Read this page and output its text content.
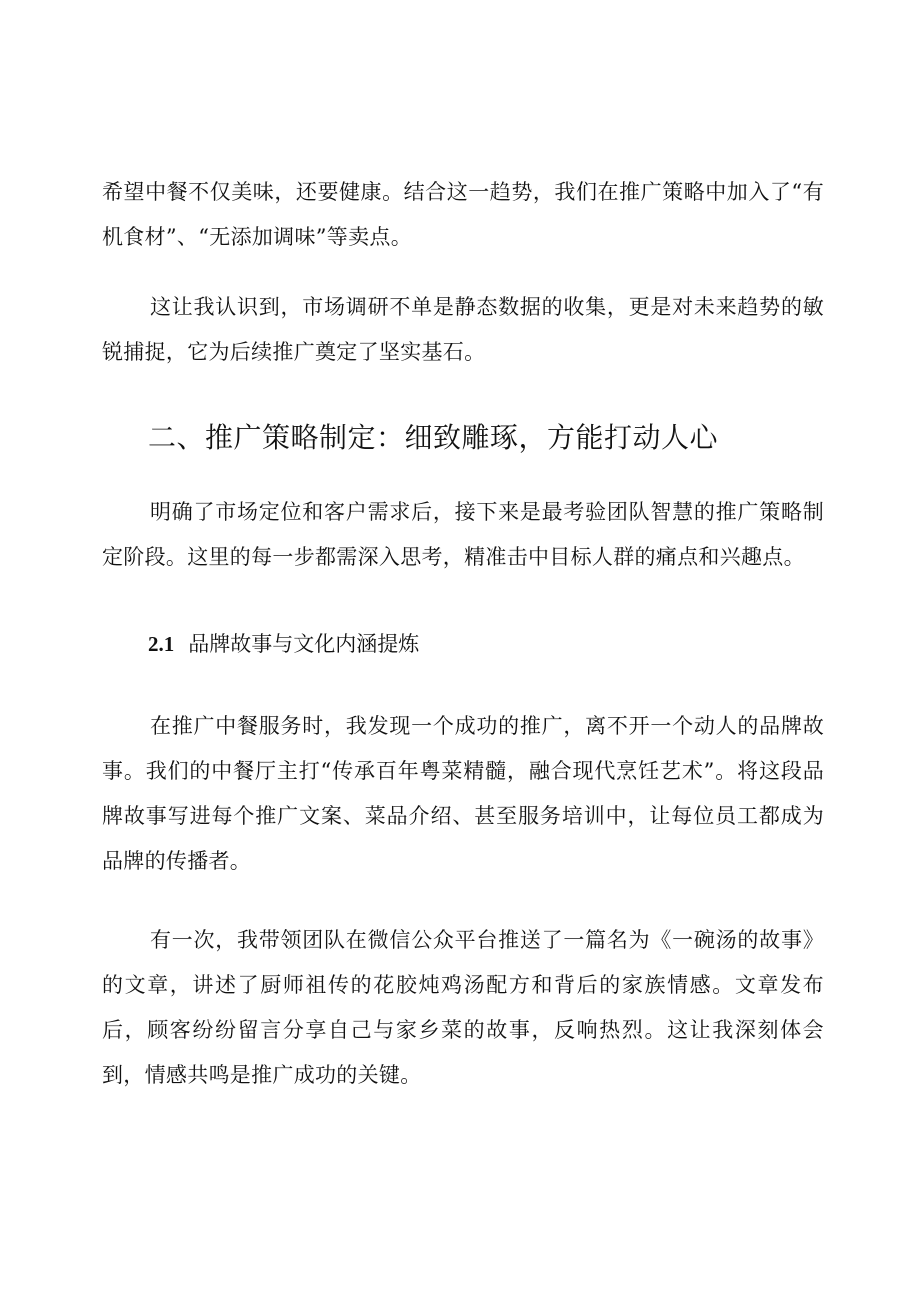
希望中餐不仅美味，还要健康。结合这一趋势，我们在推广策略中加入了“有机食材”、“无添加调味”等卖点。

这让我认识到，市场调研不单是静态数据的收集，更是对未来趋势的敏锐捕捉，它为后续推广奠定了坚实基石。

二、推广策略制定：细致雕琢，方能打动人心

明确了市场定位和客户需求后，接下来是最考验团队智慧的推广策略制定阶段。这里的每一步都需深入思考，精准击中目标人群的痛点和兴趣点。

2.1 品牌故事与文化内涵提炼

在推广中餐服务时，我发现一个成功的推广，离不开一个动人的品牌故事。我们的中餐厅主打“传承百年粤菜精髓，融合现代烹饪艺术”。将这段品牌故事写进每个推广文案、菜品介绍、甚至服务培训中，让每位员工都成为品牌的传播者。

有一次，我带领团队在微信公众平台推送了一篇名为《一碗汤的故事》的文章，讲述了厨师祖传的花胶炖鸡汤配方和背后的家族情感。文章发布后，顾客纷纷留言分享自己与家乡菜的故事，反响热烈。这让我深刻体会到，情感共鸣是推广成功的关键。
